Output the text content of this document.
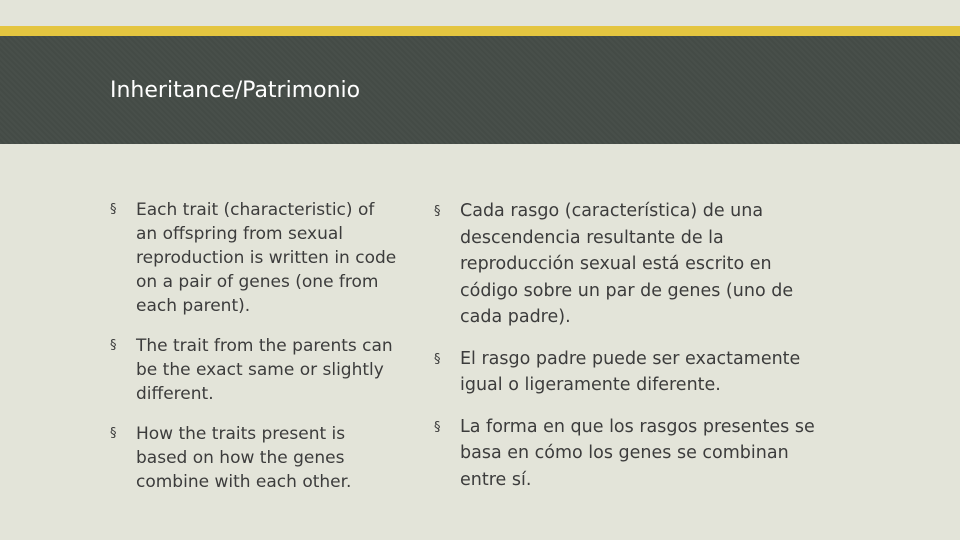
Inheritance/Patrimonio
§ Each trait (characteristic) of an offspring from sexual reproduction is written in code on a pair of genes (one from each parent).
§ The trait from the parents can be the exact same or slightly different.
§ How the traits present is based on how the genes combine with each other.
§ Cada rasgo (característica) de una descendencia resultante de la reproducción sexual está escrito en código sobre un par de genes (uno de cada padre).
§ El rasgo padre puede ser exactamente igual o ligeramente diferente.
§ La forma en que los rasgos presentes se basa en cómo los genes se combinan entre sí.
